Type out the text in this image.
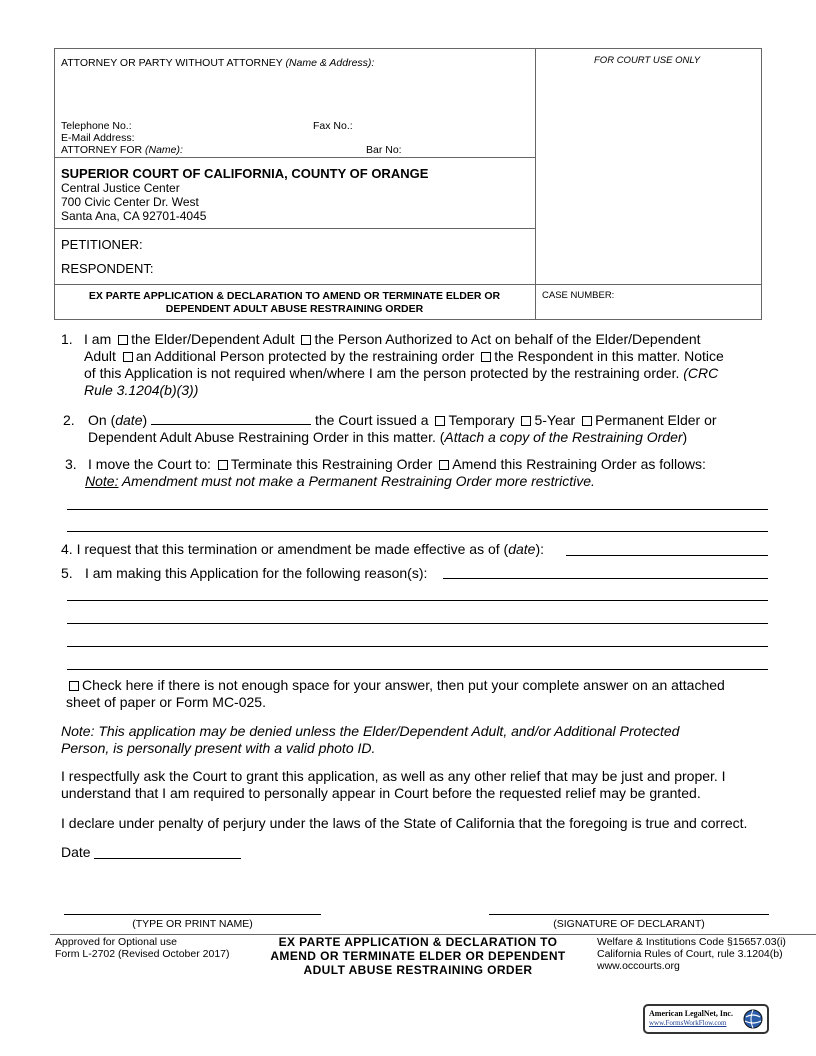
ATTORNEY OR PARTY WITHOUT ATTORNEY (Name & Address):	FOR COURT USE ONLY
Telephone No.:	Fax No.:
E-Mail Address:
ATTORNEY FOR (Name):	Bar No:
SUPERIOR COURT OF CALIFORNIA, COUNTY OF ORANGE
Central Justice Center
700 Civic Center Dr. West
Santa Ana, CA 92701-4045
PETITIONER:
RESPONDENT:
EX PARTE APPLICATION & DECLARATION TO AMEND OR TERMINATE ELDER OR
DEPENDENT ADULT ABUSE RESTRAINING ORDER
CASE NUMBER:
1. I am the Elder/Dependent Adult the Person Authorized to Act on behalf of the Elder/Dependent
Adult an Additional Person protected by the restraining order the Respondent in this matter. Notice
of this Application is not required when/where I am the person protected by the restraining order. (CRC
Rule 3.1204(b)(3))
2. On (date)	the Court issued a Temporary 5-Year Permanent Elder or
Dependent Adult Abuse Restraining Order in this matter. (Attach a copy of the Restraining Order)
3. I move the Court to: Terminate this Restraining Order Amend this Restraining Order as follows:
Note: Amendment must not make a Permanent Restraining Order more restrictive.
4. I request that this termination or amendment be made effective as of (date):
5. I am making this Application for the following reason(s):
Check here if there is not enough space for your answer, then put your complete answer on an attached
sheet of paper or Form MC-025.
Note: This application may be denied unless the Elder/Dependent Adult, and/or Additional Protected
Person, is personally present with a valid photo ID.
I respectfully ask the Court to grant this application, as well as any other relief that may be just and proper. I
understand that I am required to personally appear in Court before the requested relief may be granted.
I declare under penalty of perjury under the laws of the State of California that the foregoing is true and correct.
Date
(TYPE OR PRINT NAME)	(SIGNATURE OF DECLARANT)
Approved for Optional use
Form L-2702 (Revised October 2017)
EX PARTE APPLICATION & DECLARATION TO
AMEND OR TERMINATE ELDER OR DEPENDENT
ADULT ABUSE RESTRAINING ORDER
Welfare & Institutions Code §15657.03(i)
California Rules of Court, rule 3.1204(b)
www.occourts.org
American LegalNet, Inc.
www.FormsWorkFlow.com
